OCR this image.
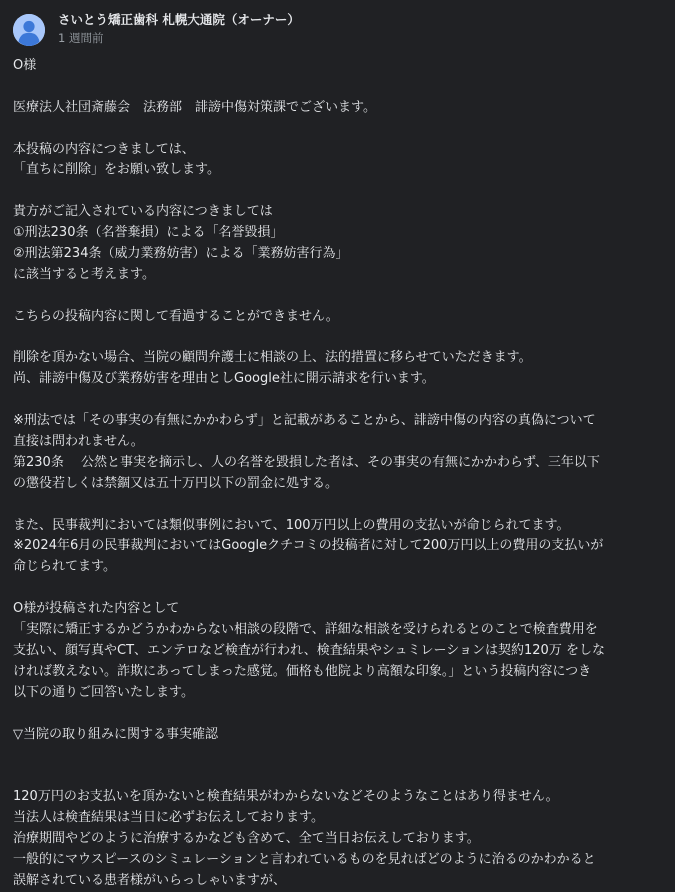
さいとう矯正歯科 札幌大通院（オーナー）
1 週間前
O様
医療法人社団斎藤会　法務部　誹謗中傷対策課でございます。
本投稿の内容につきましては、
「直ちに削除」をお願い致します。
貴方がご記入されている内容につきましては
①刑法230条（名誉棄損）による「名誉毀損」
②刑法第234条（威力業務妨害）による「業務妨害行為」
に該当すると考えます。
こちらの投稿内容に関して看過することができません。
削除を頂かない場合、当院の顧問弁護士に相談の上、法的措置に移らせていただきます。
尚、誹謗中傷及び業務妨害を理由としGoogle社に開示請求を行います。
※刑法では「その事実の有無にかかわらず」と記載があることから、誹謗中傷の内容の真偽について
直接は問われません。
第230条　 公然と事実を摘示し、人の名誉を毀損した者は、その事実の有無にかかわらず、三年以下
の懲役若しくは禁錮又は五十万円以下の罰金に処する。
また、民事裁判においては類似事例において、100万円以上の費用の支払いが命じられてます。
※2024年6月の民事裁判においてはGoogleクチコミの投稿者に対して200万円以上の費用の支払いが
命じられてます。
O様が投稿された内容として
「実際に矯正するかどうかわからない相談の段階で、詳細な相談を受けられるとのことで検査費用を
支払い、顔写真やCT、エンテロなど検査が行われ、検査結果やシュミレーションは契約120万 をしな
ければ教えない。詐欺にあってしまった感覚。価格も他院より高額な印象。」という投稿内容につき
以下の通りご回答いたします。
▽当院の取り組みに関する事実確認
120万円のお支払いを頂かないと検査結果がわからないなどそのようなことはあり得ません。
当法人は検査結果は当日に必ずお伝えしております。
治療期間やどのように治療するかなども含めて、全て当日お伝えしております。
一般的にマウスピースのシミュレーションと言われているものを見ればどのように治るのかわかると
誤解されている患者様がいらっしゃいますが、
